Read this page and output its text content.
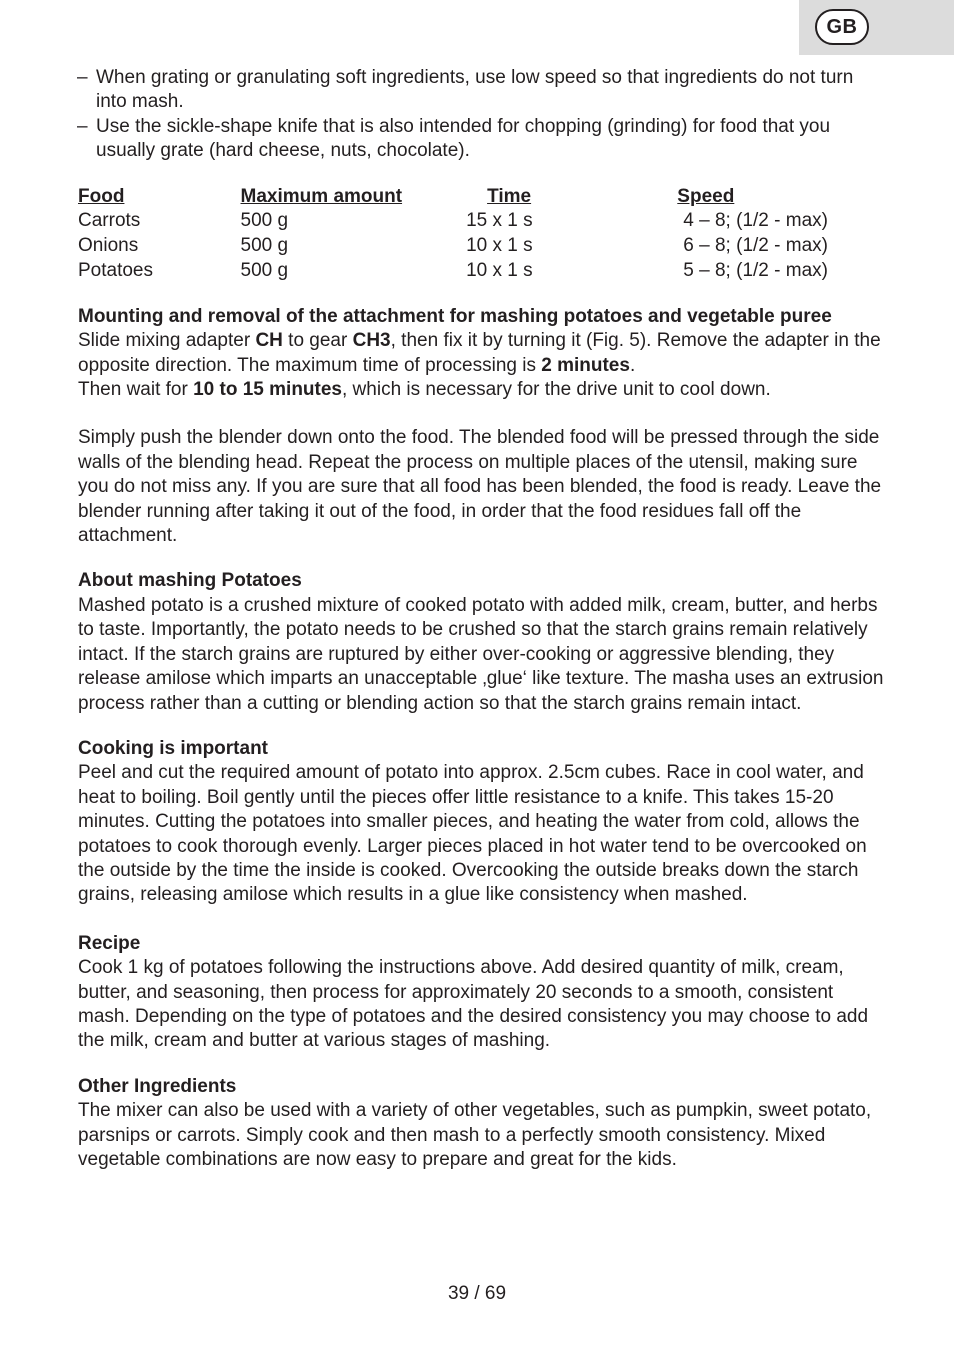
GB

– When grating or granulating soft ingredients, use low speed so that ingredients do not turn into mash.

– Use the sickle-shape knife that is also intended for chopping (grinding) for food that you usually grate (hard cheese, nuts, chocolate).

Food	Maximum amount	Time	Speed
Carrots	500 g	15 x 1 s	4 – 8; (1/2 - max)
Onions	500 g	10 x 1 s	6 – 8; (1/2 - max)
Potatoes	500 g	10 x 1 s	5 – 8; (1/2 - max)

Mounting and removal of the attachment for mashing potatoes and vegetable puree

Slide mixing adapter CH to gear CH3, then fix it by turning it (Fig. 5). Remove the adapter in the opposite direction. The maximum time of processing is 2 minutes.
Then wait for 10 to 15 minutes, which is necessary for the drive unit to cool down.

Simply push the blender down onto the food. The blended food will be pressed through the side walls of the blending head. Repeat the process on multiple places of the utensil, making sure you do not miss any. If you are sure that all food has been blended, the food is ready. Leave the blender running after taking it out of the food, in order that the food residues fall off the attachment.

About mashing Potatoes

Mashed potato is a crushed mixture of cooked potato with added milk, cream, butter, and herbs to taste. Importantly, the potato needs to be crushed so that the starch grains remain relatively intact. If the starch grains are ruptured by either over-cooking or aggressive blending, they release amilose which imparts an unacceptable ‚glue‘ like texture. The masha uses an extrusion process rather than a cutting or blending action so that the starch grains remain intact.

Cooking is important

Peel and cut the required amount of potato into approx. 2.5cm cubes. Race in cool water, and heat to boiling. Boil gently until the pieces offer little resistance to a knife. This takes 15-20 minutes. Cutting the potatoes into smaller pieces, and heating the water from cold, allows the potatoes to cook thorough evenly. Larger pieces placed in hot water tend to be overcooked on the outside by the time the inside is cooked. Overcooking the outside breaks down the starch grains, releasing amilose which results in a glue like consistency when mashed.

Recipe

Cook 1 kg of potatoes following the instructions above. Add desired quantity of milk, cream, butter, and seasoning, then process for approximately 20 seconds to a smooth, consistent mash. Depending on the type of potatoes and the desired consistency you may choose to add the milk, cream and butter at various stages of mashing.

Other Ingredients

The mixer can also be used with a variety of other vegetables, such as pumpkin, sweet potato, parsnips or carrots. Simply cook and then mash to a perfectly smooth consistency. Mixed vegetable combinations are now easy to prepare and great for the kids.

39 / 69
